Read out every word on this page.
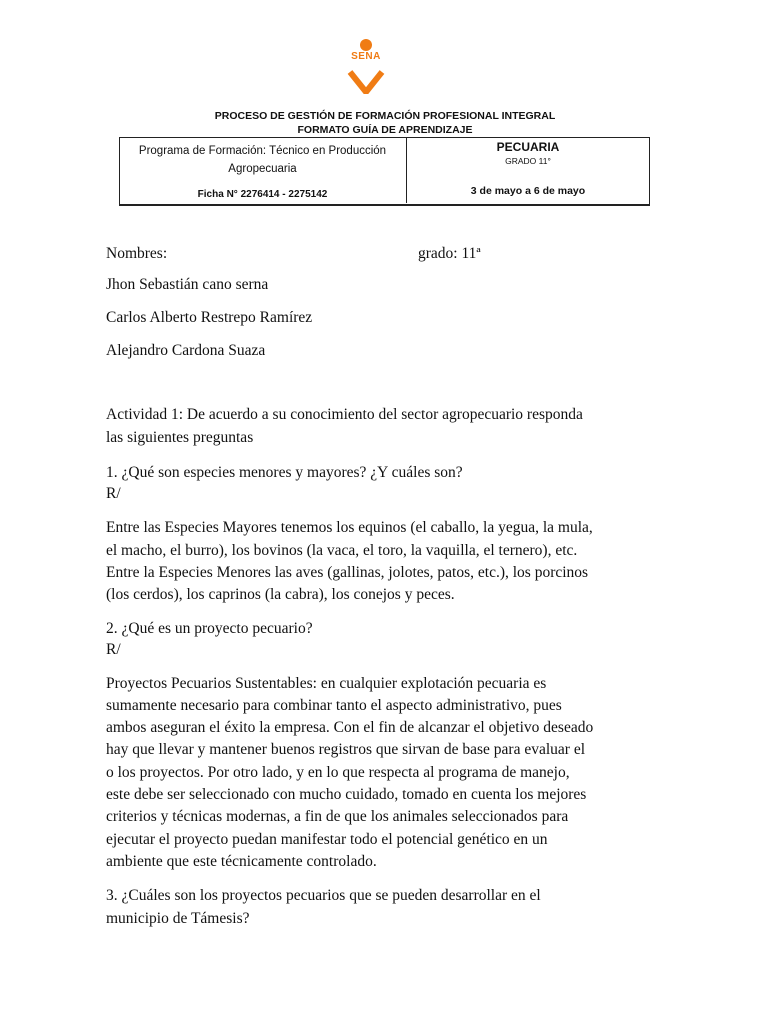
SENA
PROCESO DE GESTIÓN DE FORMACIÓN PROFESIONAL INTEGRAL
FORMATO GUÍA DE APRENDIZAJE
Programa de Formación: Técnico en Producción
Agropecuaria
Ficha N° 2276414 - 2275142
PECUARIA
GRADO 11°
3 de mayo a 6 de mayo
Nombres:	grado: 11ª
Jhon Sebastián cano serna
Carlos Alberto Restrepo Ramírez
Alejandro Cardona Suaza
Actividad 1: De acuerdo a su conocimiento del sector agropecuario responda
las siguientes preguntas
1. ¿Qué son especies menores y mayores? ¿Y cuáles son?
R/
Entre las Especies Mayores tenemos los equinos (el caballo, la yegua, la mula,
el macho, el burro), los bovinos (la vaca, el toro, la vaquilla, el ternero), etc.
Entre la Especies Menores las aves (gallinas, jolotes, patos, etc.), los porcinos
(los cerdos), los caprinos (la cabra), los conejos y peces.
2. ¿Qué es un proyecto pecuario?
R/
Proyectos Pecuarios Sustentables: en cualquier explotación pecuaria es
sumamente necesario para combinar tanto el aspecto administrativo, pues
ambos aseguran el éxito la empresa. Con el fin de alcanzar el objetivo deseado
hay que llevar y mantener buenos registros que sirvan de base para evaluar el
o los proyectos. Por otro lado, y en lo que respecta al programa de manejo,
este debe ser seleccionado con mucho cuidado, tomado en cuenta los mejores
criterios y técnicas modernas, a fin de que los animales seleccionados para
ejecutar el proyecto puedan manifestar todo el potencial genético en un
ambiente que este técnicamente controlado.
3. ¿Cuáles son los proyectos pecuarios que se pueden desarrollar en el
municipio de Támesis?
